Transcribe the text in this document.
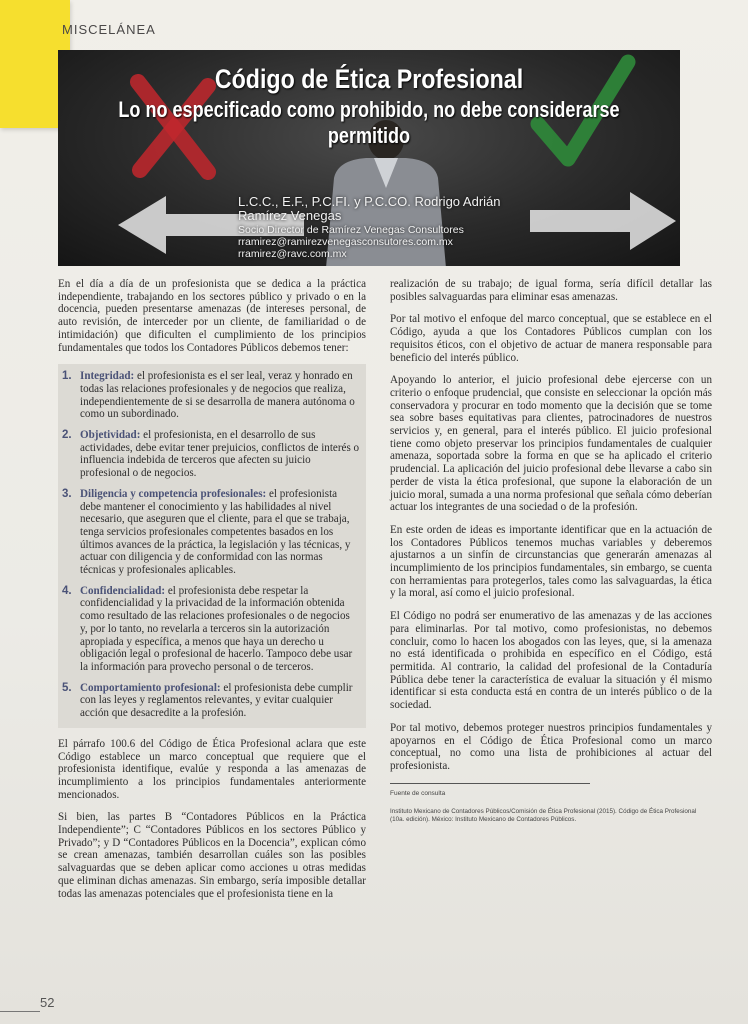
MISCELÁNEA
Código de Ética Profesional
Lo no especificado como prohibido, no debe considerarse permitido
L.C.C., E.F., P.C.FI. y P.C.CO. Rodrigo Adrián Ramírez Venegas
Socio Director de Ramírez Venegas Consultores
rramirez@ramirezvenegasconsutores.com.mx
rramirez@ravc.com.mx

En el día a día de un profesionista que se dedica a la práctica independiente, trabajando en los sectores público y privado o en la docencia, pueden presentarse amenazas (de intereses personal, de auto revisión, de interceder por un cliente, de familiaridad o de intimidación) que dificulten el cumplimiento de los principios fundamentales que todos los Contadores Públicos debemos tener:

1. Integridad: el profesionista es el ser leal, veraz y honrado en todas las relaciones profesionales y de negocios que realiza, independientemente de si se desarrolla de manera autónoma o como un subordinado.
2. Objetividad: el profesionista, en el desarrollo de sus actividades, debe evitar tener prejuicios, conflictos de interés o influencia indebida de terceros que afecten su juicio profesional o de negocios.
3. Diligencia y competencia profesionales: el profesionista debe mantener el conocimiento y las habilidades al nivel necesario, que aseguren que el cliente, para el que se trabaja, tenga servicios profesionales competentes basados en los últimos avances de la práctica, la legislación y las técnicas, y actuar con diligencia y de conformidad con las normas técnicas y profesionales aplicables.
4. Confidencialidad: el profesionista debe respetar la confidencialidad y la privacidad de la información obtenida como resultado de las relaciones profesionales o de negocios y, por lo tanto, no revelarla a terceros sin la autorización apropiada y específica, a menos que haya un derecho u obligación legal o profesional de hacerlo. Tampoco debe usar la información para provecho personal o de terceros.
5. Comportamiento profesional: el profesionista debe cumplir con las leyes y reglamentos relevantes, y evitar cualquier acción que desacredite a la profesión.

El párrafo 100.6 del Código de Ética Profesional aclara que este Código establece un marco conceptual que requiere que el profesionista identifique, evalúe y responda a las amenazas de incumplimiento a los principios fundamentales anteriormente mencionados.

Si bien, las partes B “Contadores Públicos en la Práctica Independiente”; C “Contadores Públicos en los sectores Público y Privado”; y D “Contadores Públicos en la Docencia”, explican cómo se crean amenazas, también desarrollan cuáles son las posibles salvaguardas que se deben aplicar como acciones u otras medidas que eliminan dichas amenazas. Sin embargo, sería imposible detallar todas las amenazas potenciales que el profesionista tiene en la

realización de su trabajo; de igual forma, sería difícil detallar las posibles salvaguardas para eliminar esas amenazas.

Por tal motivo el enfoque del marco conceptual, que se establece en el Código, ayuda a que los Contadores Públicos cumplan con los requisitos éticos, con el objetivo de actuar de manera responsable para beneficio del interés público.

Apoyando lo anterior, el juicio profesional debe ejercerse con un criterio o enfoque prudencial, que consiste en seleccionar la opción más conservadora y procurar en todo momento que la decisión que se tome sea sobre bases equitativas para clientes, patrocinadores de nuestros servicios y, en general, para el interés público. El juicio profesional tiene como objeto preservar los principios fundamentales de cualquier amenaza, soportada sobre la forma en que se ha aplicado el criterio prudencial. La aplicación del juicio profesional debe llevarse a cabo sin perder de vista la ética profesional, que supone la elaboración de un juicio moral, sumada a una norma profesional que señala cómo deberían actuar los integrantes de una sociedad o de la profesión.

En este orden de ideas es importante identificar que en la actuación de los Contadores Públicos tenemos muchas variables y deberemos ajustarnos a un sinfín de circunstancias que generarán amenazas al incumplimiento de los principios fundamentales, sin embargo, se cuenta con herramientas para protegerlos, tales como las salvaguardas, la ética y la moral, así como el juicio profesional.

El Código no podrá ser enumerativo de las amenazas y de las acciones para eliminarlas. Por tal motivo, como profesionistas, no debemos concluir, como lo hacen los abogados con las leyes, que, si la amenaza no está identificada o prohibida en específico en el Código, está permitida. Al contrario, la calidad del profesional de la Contaduría Pública debe tener la característica de evaluar la situación y él mismo identificar si esta conducta está en contra de un interés público o de la sociedad.

Por tal motivo, debemos proteger nuestros principios fundamentales y apoyarnos en el Código de Ética Profesional como un marco conceptual, no como una lista de prohibiciones al actuar del profesionista.

Fuente de consulta
Instituto Mexicano de Contadores Públicos/Comisión de Ética Profesional (2015). Código de Ética Profesional (10a. edición). México: Instituto Mexicano de Contadores Públicos.
52
